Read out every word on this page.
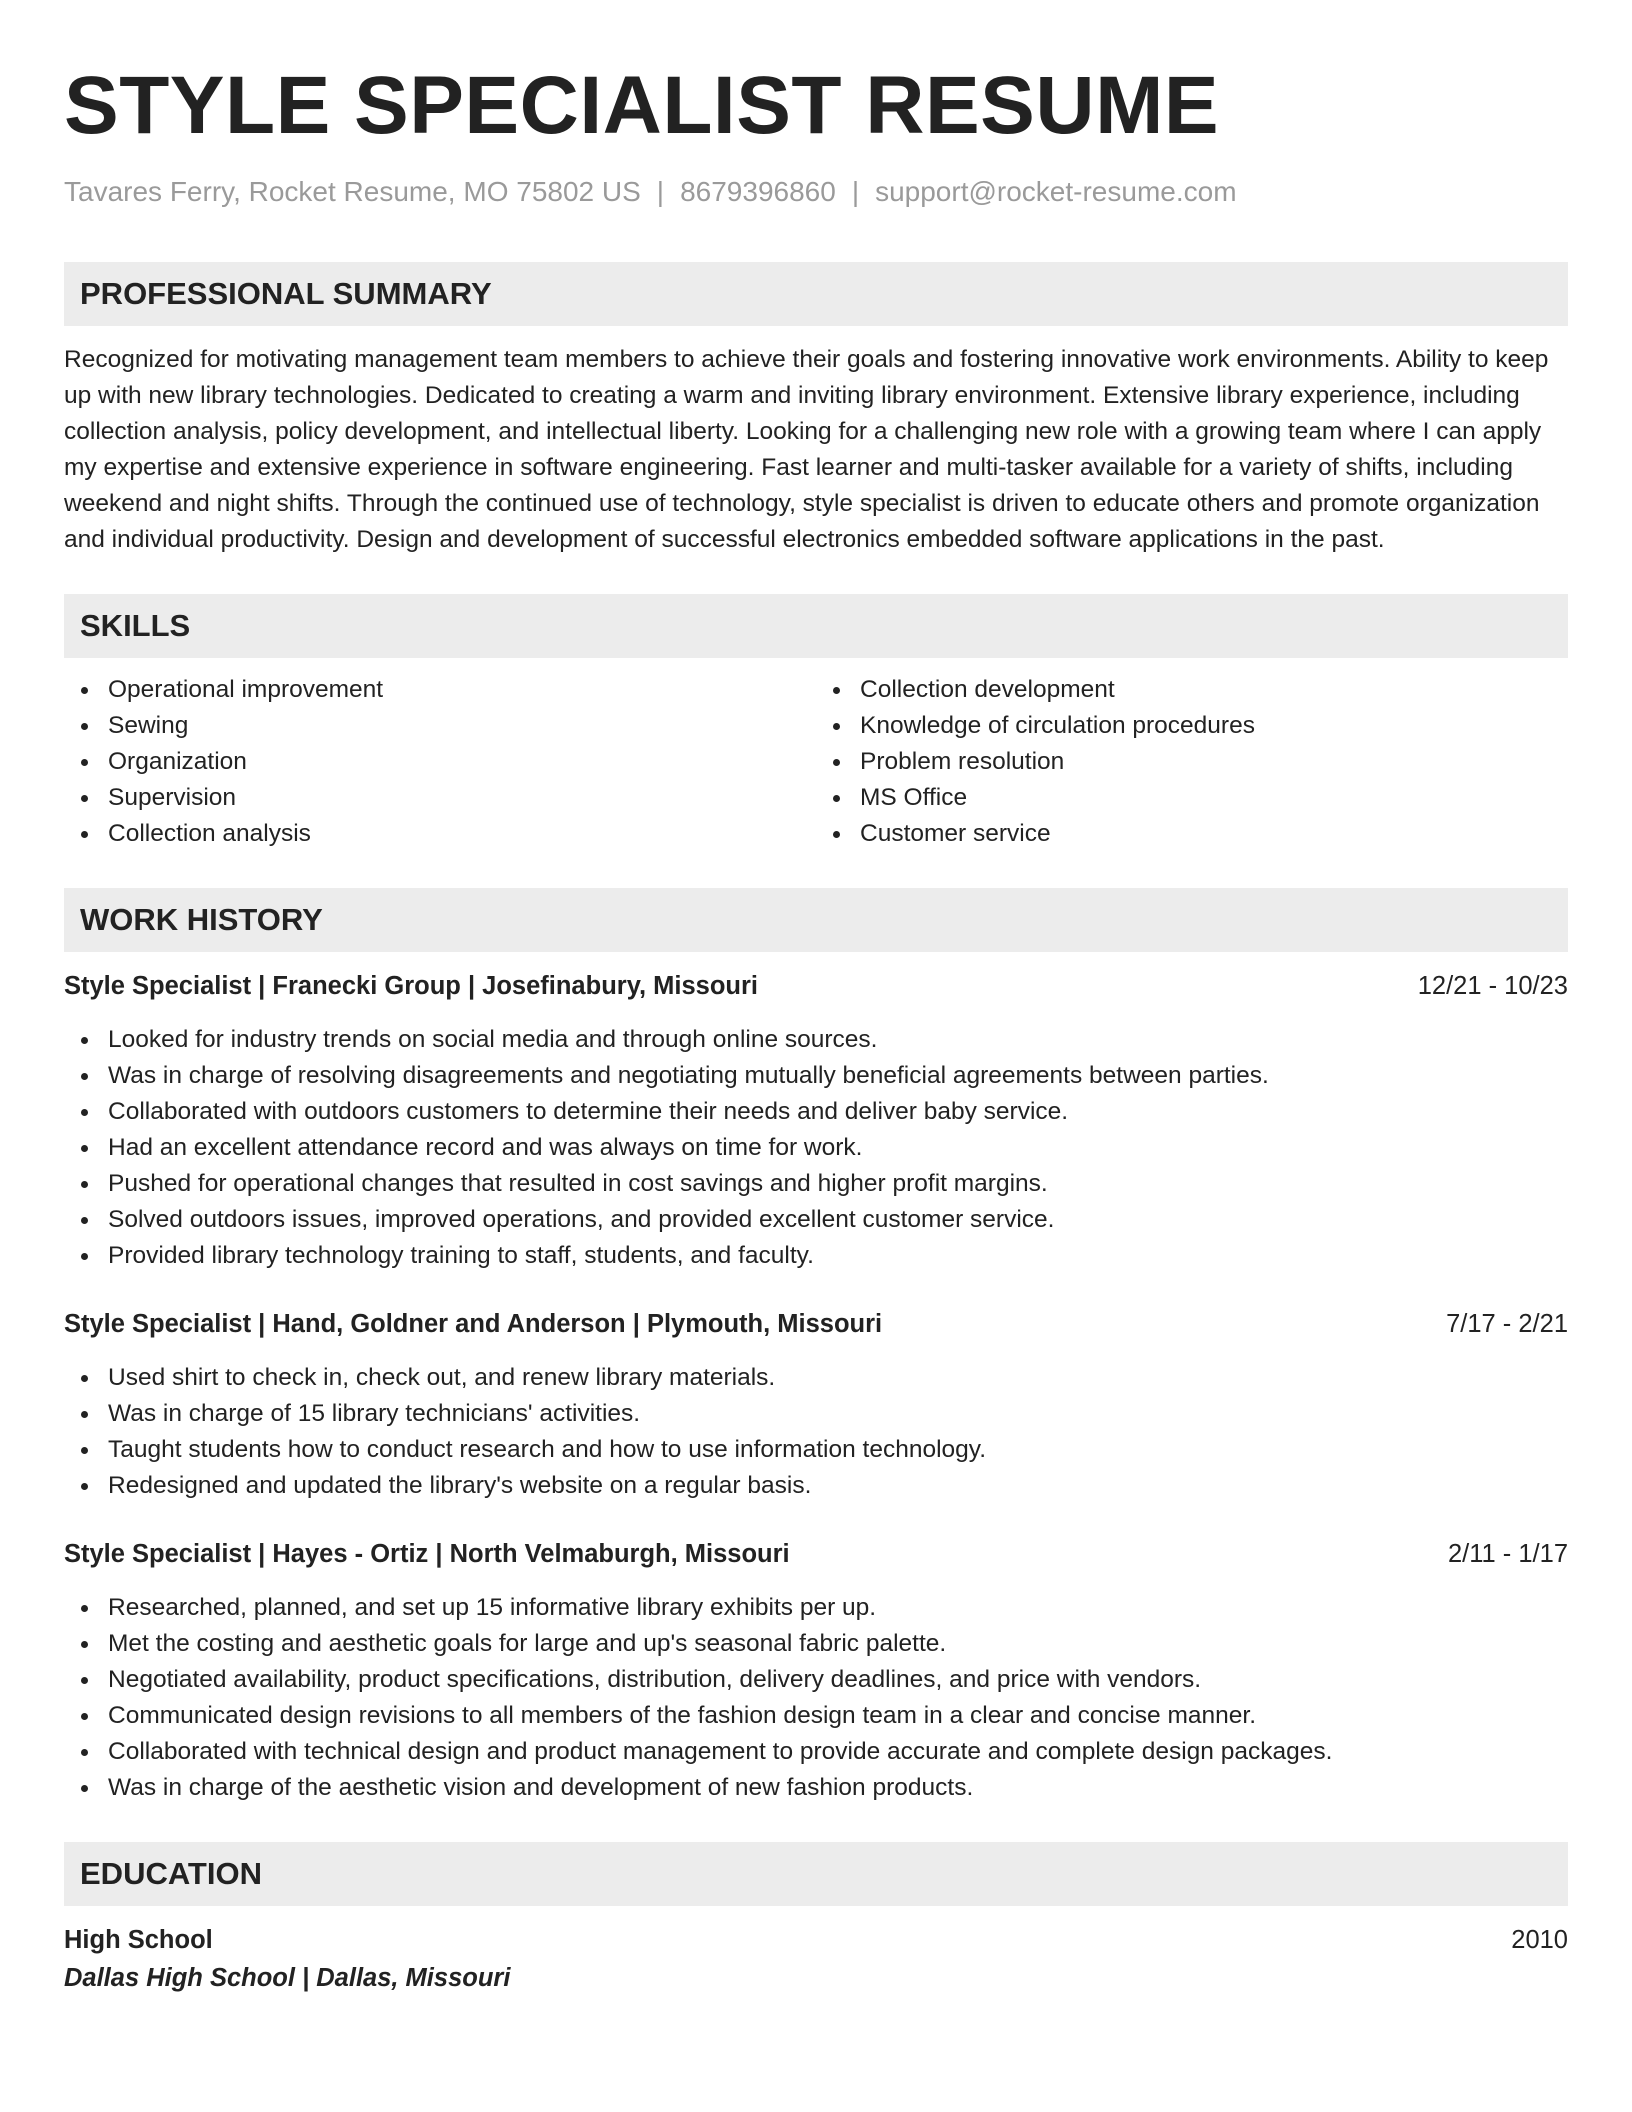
STYLE SPECIALIST RESUME
Tavares Ferry, Rocket Resume, MO 75802 US | 8679396860 | support@rocket-resume.com
PROFESSIONAL SUMMARY
Recognized for motivating management team members to achieve their goals and fostering innovative work environments. Ability to keep up with new library technologies. Dedicated to creating a warm and inviting library environment. Extensive library experience, including collection analysis, policy development, and intellectual liberty. Looking for a challenging new role with a growing team where I can apply my expertise and extensive experience in software engineering. Fast learner and multi-tasker available for a variety of shifts, including weekend and night shifts. Through the continued use of technology, style specialist is driven to educate others and promote organization and individual productivity. Design and development of successful electronics embedded software applications in the past.
SKILLS
Operational improvement
Sewing
Organization
Supervision
Collection analysis
Collection development
Knowledge of circulation procedures
Problem resolution
MS Office
Customer service
WORK HISTORY
Style Specialist | Franecki Group | Josefinabury, Missouri	12/21 - 10/23
Looked for industry trends on social media and through online sources.
Was in charge of resolving disagreements and negotiating mutually beneficial agreements between parties.
Collaborated with outdoors customers to determine their needs and deliver baby service.
Had an excellent attendance record and was always on time for work.
Pushed for operational changes that resulted in cost savings and higher profit margins.
Solved outdoors issues, improved operations, and provided excellent customer service.
Provided library technology training to staff, students, and faculty.
Style Specialist | Hand, Goldner and Anderson | Plymouth, Missouri	7/17 - 2/21
Used shirt to check in, check out, and renew library materials.
Was in charge of 15 library technicians' activities.
Taught students how to conduct research and how to use information technology.
Redesigned and updated the library's website on a regular basis.
Style Specialist | Hayes - Ortiz | North Velmaburgh, Missouri	2/11 - 1/17
Researched, planned, and set up 15 informative library exhibits per up.
Met the costing and aesthetic goals for large and up's seasonal fabric palette.
Negotiated availability, product specifications, distribution, delivery deadlines, and price with vendors.
Communicated design revisions to all members of the fashion design team in a clear and concise manner.
Collaborated with technical design and product management to provide accurate and complete design packages.
Was in charge of the aesthetic vision and development of new fashion products.
EDUCATION
High School	2010
Dallas High School | Dallas, Missouri
